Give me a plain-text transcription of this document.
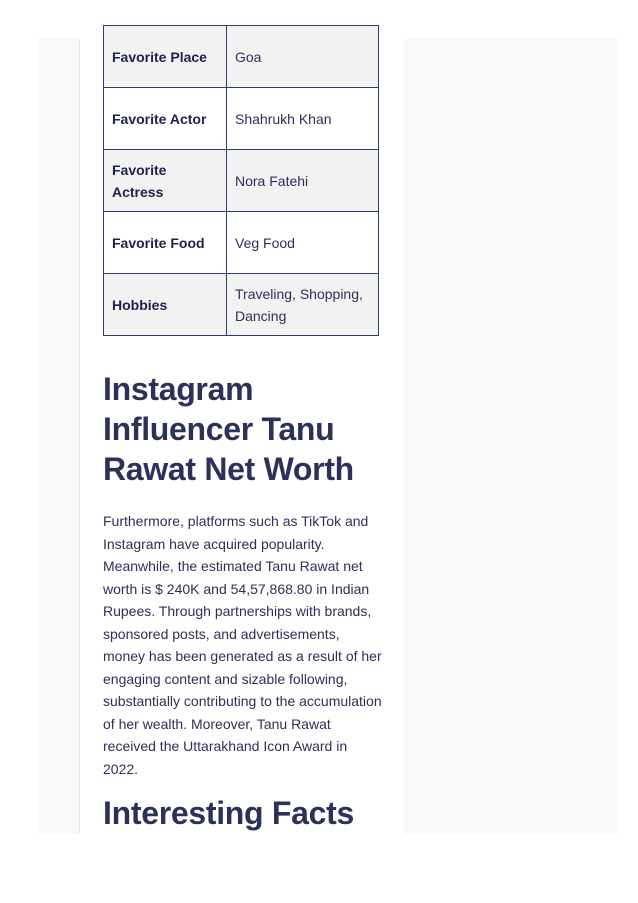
Favorite Place	Goa
Favorite Actor	Shahrukh Khan
Favorite Actress	Nora Fatehi
Favorite Food	Veg Food
Hobbies	Traveling, Shopping, Dancing
Instagram Influencer Tanu Rawat Net Worth

Furthermore, platforms such as TikTok and Instagram have acquired popularity. Meanwhile, the estimated Tanu Rawat net worth is $ 240K and 54,57,868.80 in Indian Rupees. Through partnerships with brands, sponsored posts, and advertisements, money has been generated as a result of her engaging content and sizable following, substantially contributing to the accumulation of her wealth. Moreover, Tanu Rawat received the Uttarakhand Icon Award in 2022.

Interesting Facts
